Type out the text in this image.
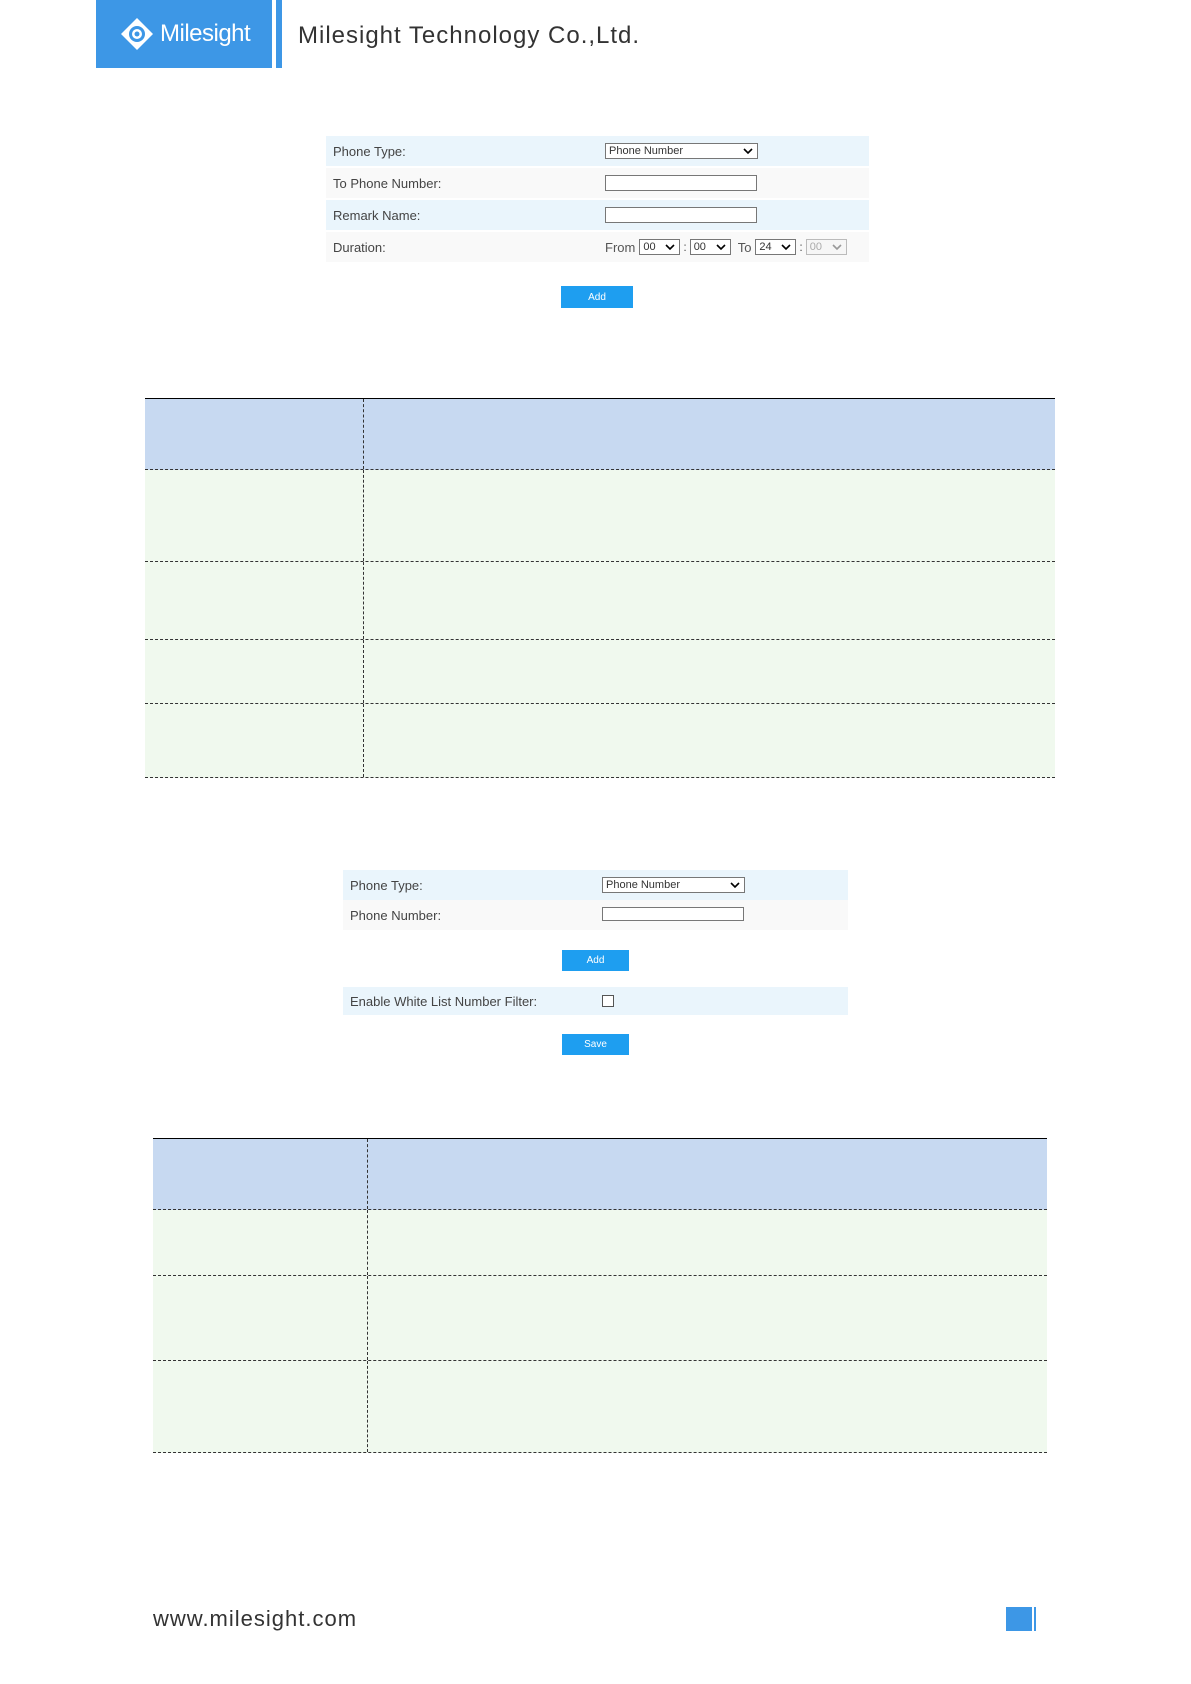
Milesight Milesight Technology Co.,Ltd.
Phone Type:	Phone Number
To Phone Number:
Remark Name:
Duration:	From 00 : 00 To 24 : 00
Add
Phone Type:	Phone Number
Phone Number:
Add
Enable White List Number Filter:
Save
www.milesight.com
